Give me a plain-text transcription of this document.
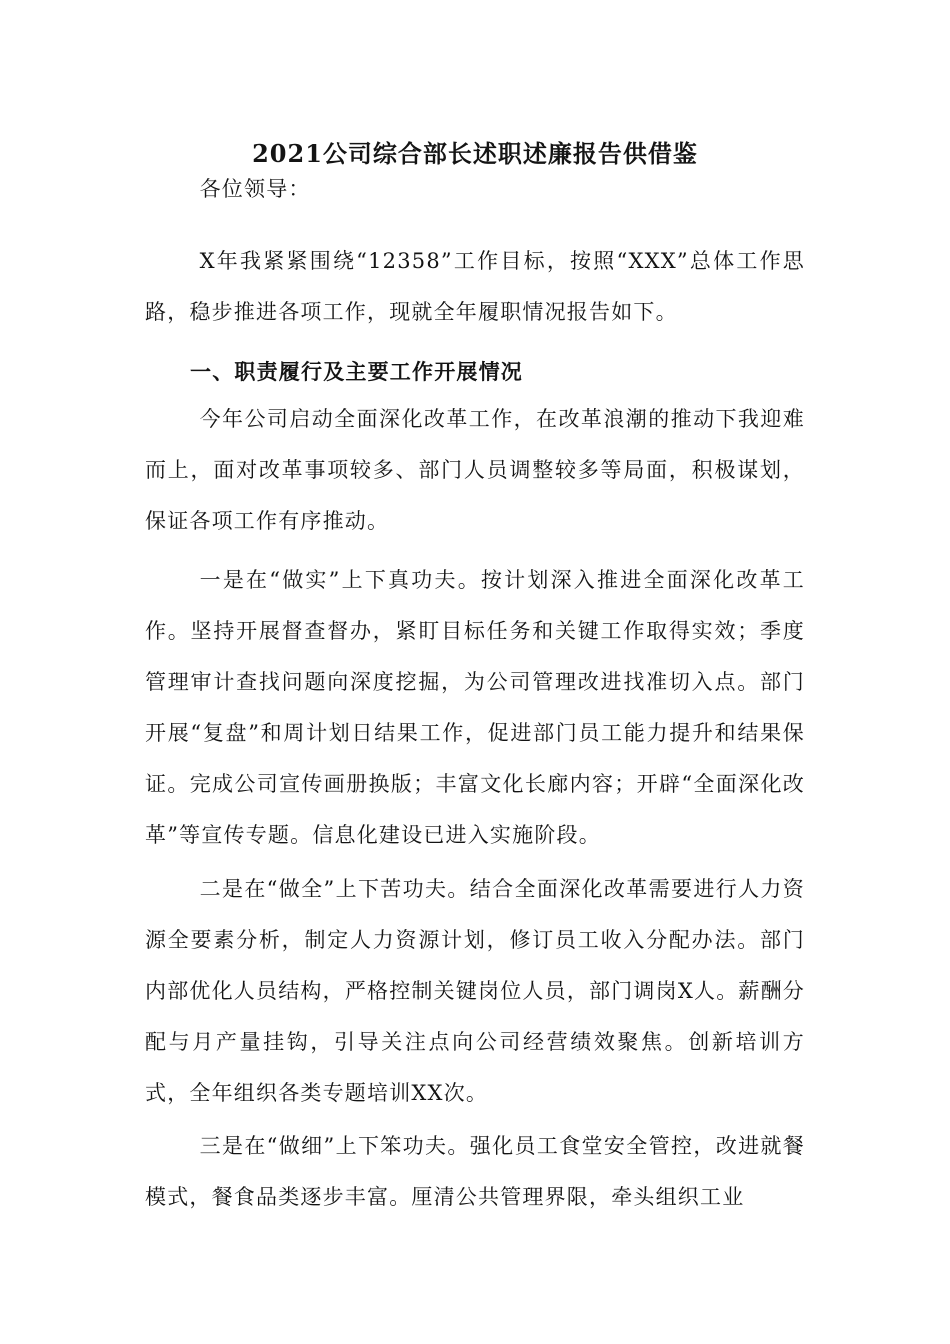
2021公司综合部长述职述廉报告供借鉴

各位领导：

X年我紧紧围绕“12358”工作目标，按照“XXX”总体工作思路，稳步推进各项工作，现就全年履职情况报告如下。

一、职责履行及主要工作开展情况

今年公司启动全面深化改革工作，在改革浪潮的推动下我迎难而上，面对改革事项较多、部门人员调整较多等局面，积极谋划，保证各项工作有序推动。

一是在“做实”上下真功夫。按计划深入推进全面深化改革工作。坚持开展督查督办，紧盯目标任务和关键工作取得实效；季度管理审计查找问题向深度挖掘，为公司管理改进找准切入点。部门开展“复盘”和周计划日结果工作，促进部门员工能力提升和结果保证。完成公司宣传画册换版；丰富文化长廊内容；开辟“全面深化改革”等宣传专题。信息化建设已进入实施阶段。

二是在“做全”上下苦功夫。结合全面深化改革需要进行人力资源全要素分析，制定人力资源计划，修订员工收入分配办法。部门内部优化人员结构，严格控制关键岗位人员，部门调岗X人。薪酬分配与月产量挂钩，引导关注点向公司经营绩效聚焦。创新培训方式，全年组织各类专题培训XX次。

三是在“做细”上下笨功夫。强化员工食堂安全管控，改进就餐模式，餐食品类逐步丰富。厘清公共管理界限，牵头组织工业
